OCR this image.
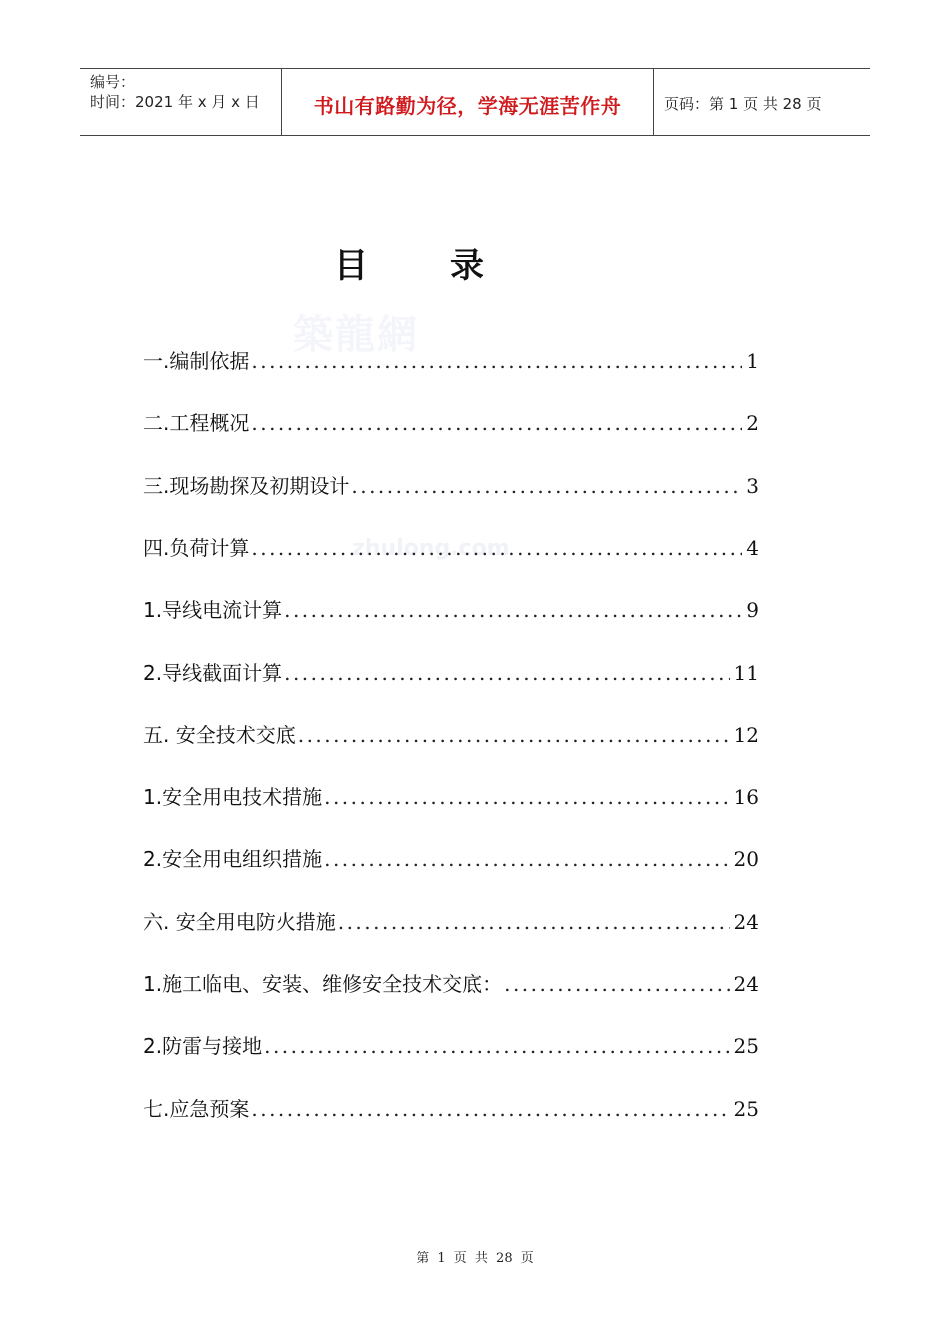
编号：
时间：2021 年 x 月 x 日	书山有路勤为径，学海无涯苦作舟	页码：第 1 页 共 28 页
目录
築龍網
zhulong.com
一.编制依据 .....	1
二.工程概况 .....	2
三.现场勘探及初期设计 .....	3
四.负荷计算 .....	4
1.导线电流计算 .....	9
2.导线截面计算 .....	11
五. 安全技术交底 .....	12
1.安全用电技术措施 .....	16
2.安全用电组织措施 .....	20
六. 安全用电防火措施 .....	24
1.施工临电、安装、维修安全技术交底： .....	24
2.防雷与接地 .....	25
七.应急预案 .....	25
第 1 页 共 28 页
